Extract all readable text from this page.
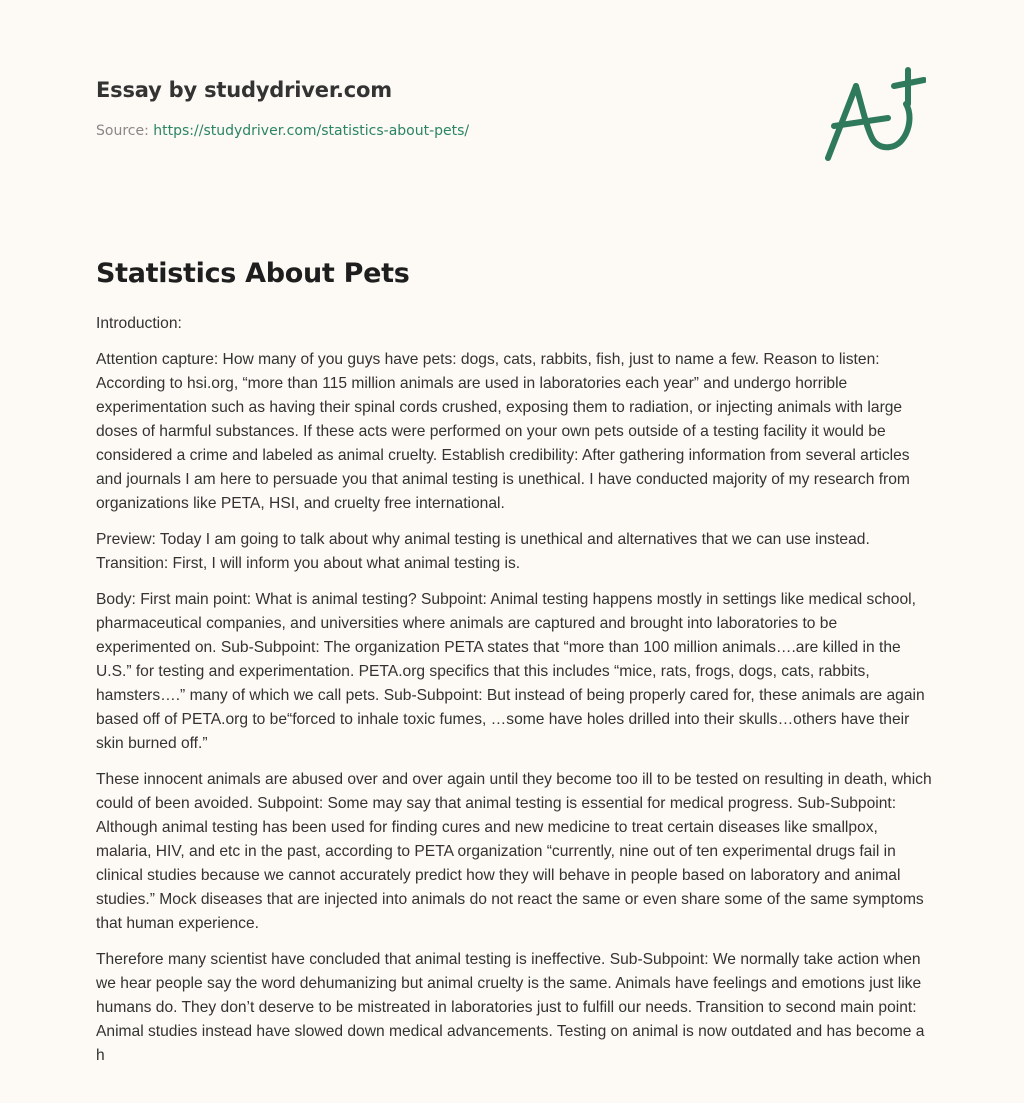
Essay by studydriver.com
Source: https://studydriver.com/statistics-about-pets/
Statistics About Pets

Introduction:

Attention capture: How many of you guys have pets: dogs, cats, rabbits, fish, just to name a few. Reason to listen: According to hsi.org, “more than 115 million animals are used in laboratories each year” and undergo horrible experimentation such as having their spinal cords crushed, exposing them to radiation, or injecting animals with large doses of harmful substances. If these acts were performed on your own pets outside of a testing facility it would be considered a crime and labeled as animal cruelty. Establish credibility: After gathering information from several articles and journals I am here to persuade you that animal testing is unethical. I have conducted majority of my research from organizations like PETA, HSI, and cruelty free international.

Preview: Today I am going to talk about why animal testing is unethical and alternatives that we can use instead. Transition: First, I will inform you about what animal testing is.

Body: First main point: What is animal testing? Subpoint: Animal testing happens mostly in settings like medical school, pharmaceutical companies, and universities where animals are captured and brought into laboratories to be experimented on. Sub-Subpoint: The organization PETA states that “more than 100 million animals….are killed in the U.S.” for testing and experimentation. PETA.org specifics that this includes “mice, rats, frogs, dogs, cats, rabbits, hamsters….” many of which we call pets. Sub-Subpoint: But instead of being properly cared for, these animals are again based off of PETA.org to be“forced to inhale toxic fumes, …some have holes drilled into their skulls…others have their skin burned off.”

These innocent animals are abused over and over again until they become too ill to be tested on resulting in death, which could of been avoided. Subpoint: Some may say that animal testing is essential for medical progress. Sub-Subpoint: Although animal testing has been used for finding cures and new medicine to treat certain diseases like smallpox, malaria, HIV, and etc in the past, according to PETA organization “currently, nine out of ten experimental drugs fail in clinical studies because we cannot accurately predict how they will behave in people based on laboratory and animal studies.” Mock diseases that are injected into animals do not react the same or even share some of the same symptoms that human experience.

Therefore many scientist have concluded that animal testing is ineffective. Sub-Subpoint: We normally take action when we hear people say the word dehumanizing but animal cruelty is the same. Animals have feelings and emotions just like humans do. They don’t deserve to be mistreated in laboratories just to fulfill our needs. Transition to second main point: Animal studies instead have slowed down medical advancements. Testing on animal is now outdated and has become a h
